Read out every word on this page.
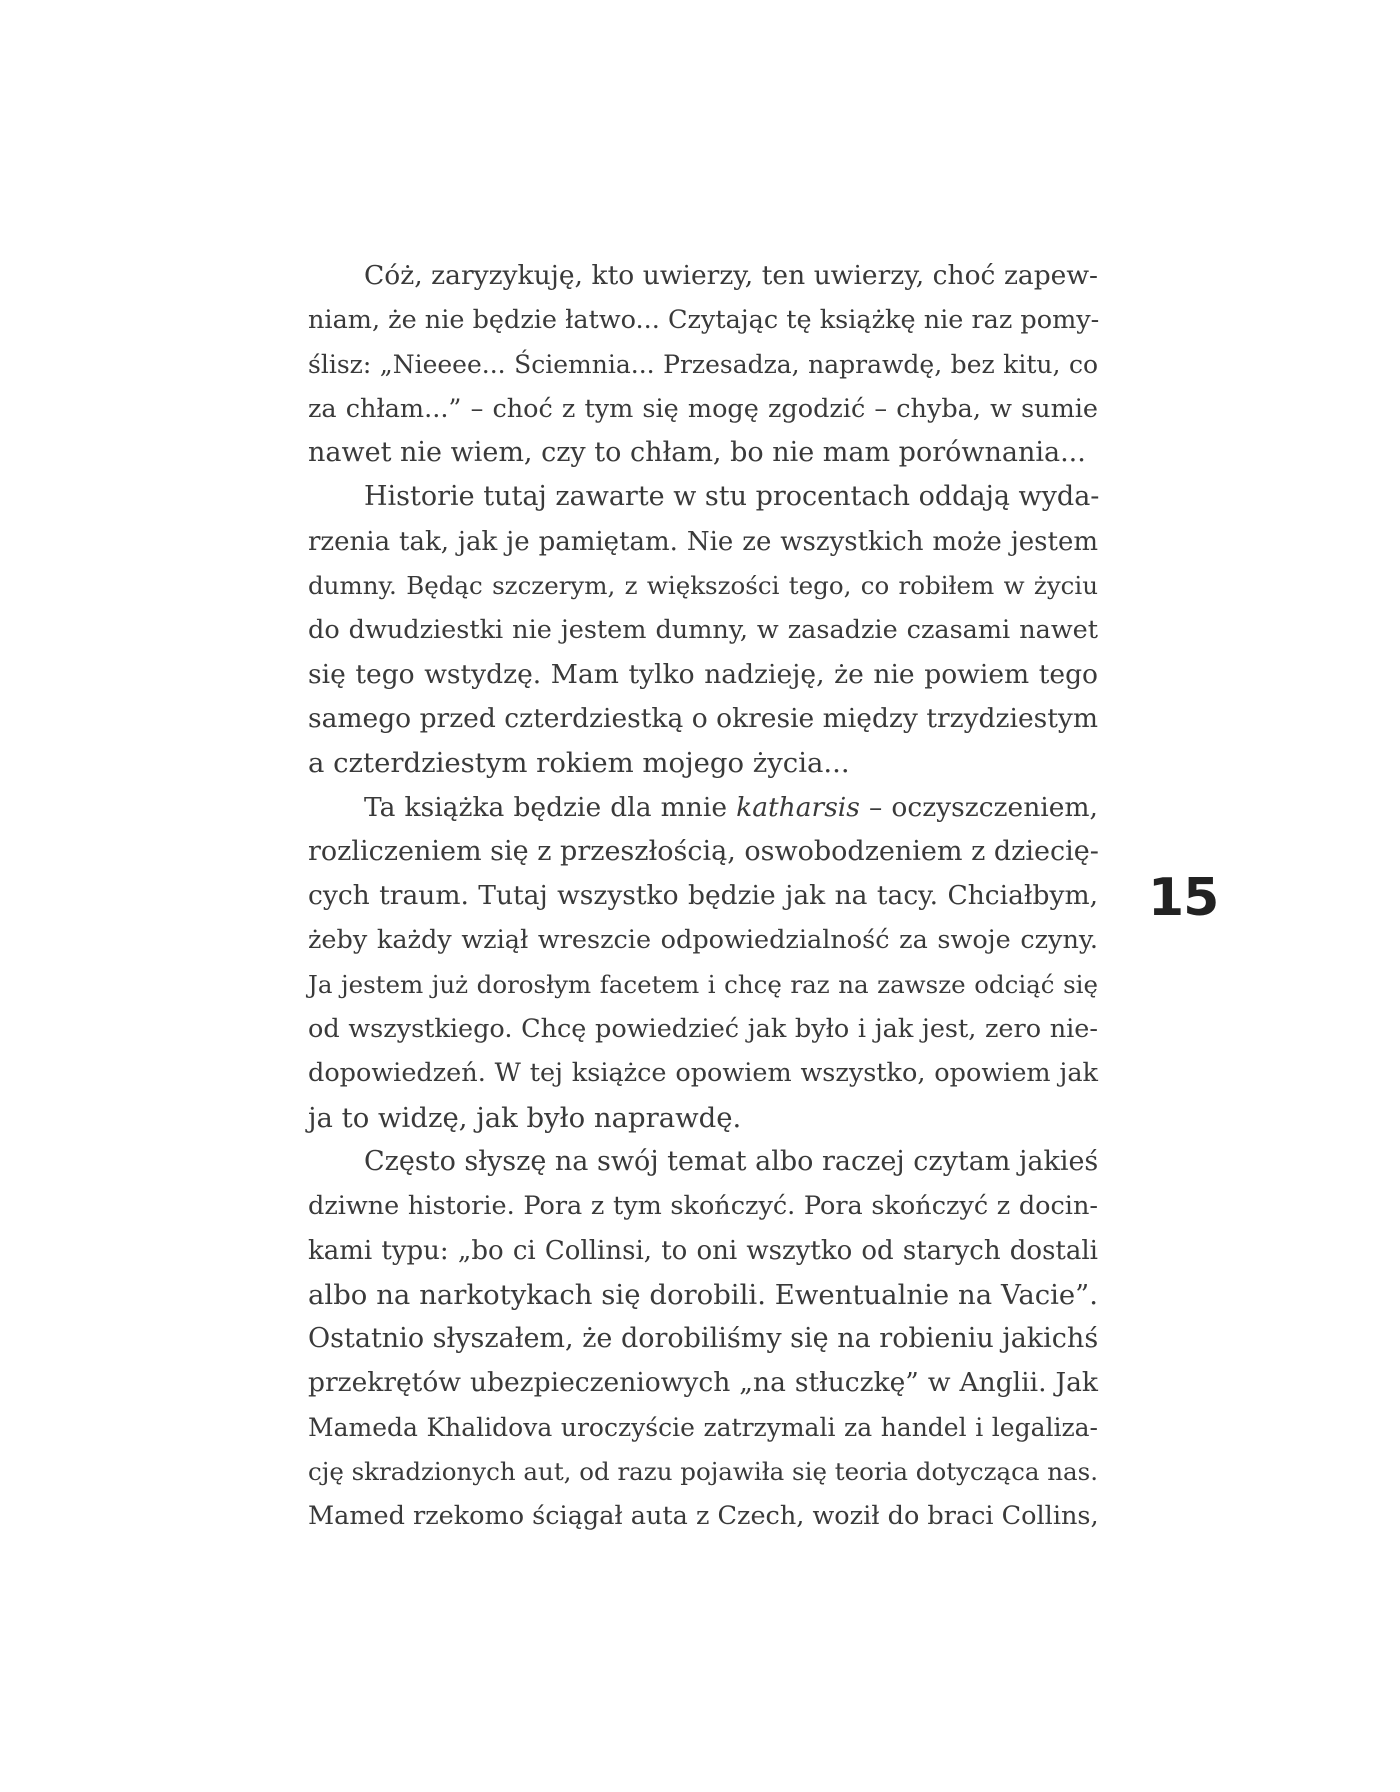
Cóż, zaryzykuję, kto uwierzy, ten uwierzy, choć zapew-
niam, że nie będzie łatwo... Czytając tę książkę nie raz pomy-
ślisz: „Nieeee... Ściemnia... Przesadza, naprawdę, bez kitu, co
za chłam...” – choć z tym się mogę zgodzić – chyba, w sumie
nawet nie wiem, czy to chłam, bo nie mam porównania...
Historie tutaj zawarte w stu procentach oddają wyda-
rzenia tak, jak je pamiętam. Nie ze wszystkich może jestem
dumny. Będąc szczerym, z większości tego, co robiłem w życiu
do dwudziestki nie jestem dumny, w zasadzie czasami nawet
się tego wstydzę. Mam tylko nadzieję, że nie powiem tego
samego przed czterdziestką o okresie między trzydziestym
a czterdziestym rokiem mojego życia...
Ta książka będzie dla mnie katharsis – oczyszczeniem,
rozliczeniem się z przeszłością, oswobodzeniem z dziecię-
cych traum. Tutaj wszystko będzie jak na tacy. Chciałbym,
żeby każdy wziął wreszcie odpowiedzialność za swoje czyny.
Ja jestem już dorosłym facetem i chcę raz na zawsze odciąć się
od wszystkiego. Chcę powiedzieć jak było i jak jest, zero nie-
dopowiedzeń. W tej książce opowiem wszystko, opowiem jak
ja to widzę, jak było naprawdę.
Często słyszę na swój temat albo raczej czytam jakieś
dziwne historie. Pora z tym skończyć. Pora skończyć z docin-
kami typu: „bo ci Collinsi, to oni wszytko od starych dostali
albo na narkotykach się dorobili. Ewentualnie na Vacie”.
Ostatnio słyszałem, że dorobiliśmy się na robieniu jakichś
przekrętów ubezpieczeniowych „na stłuczkę” w Anglii. Jak
Mameda Khalidova uroczyście zatrzymali za handel i legaliza-
cję skradzionych aut, od razu pojawiła się teoria dotycząca nas.
Mamed rzekomo ściągał auta z Czech, woził do braci Collins,
15
